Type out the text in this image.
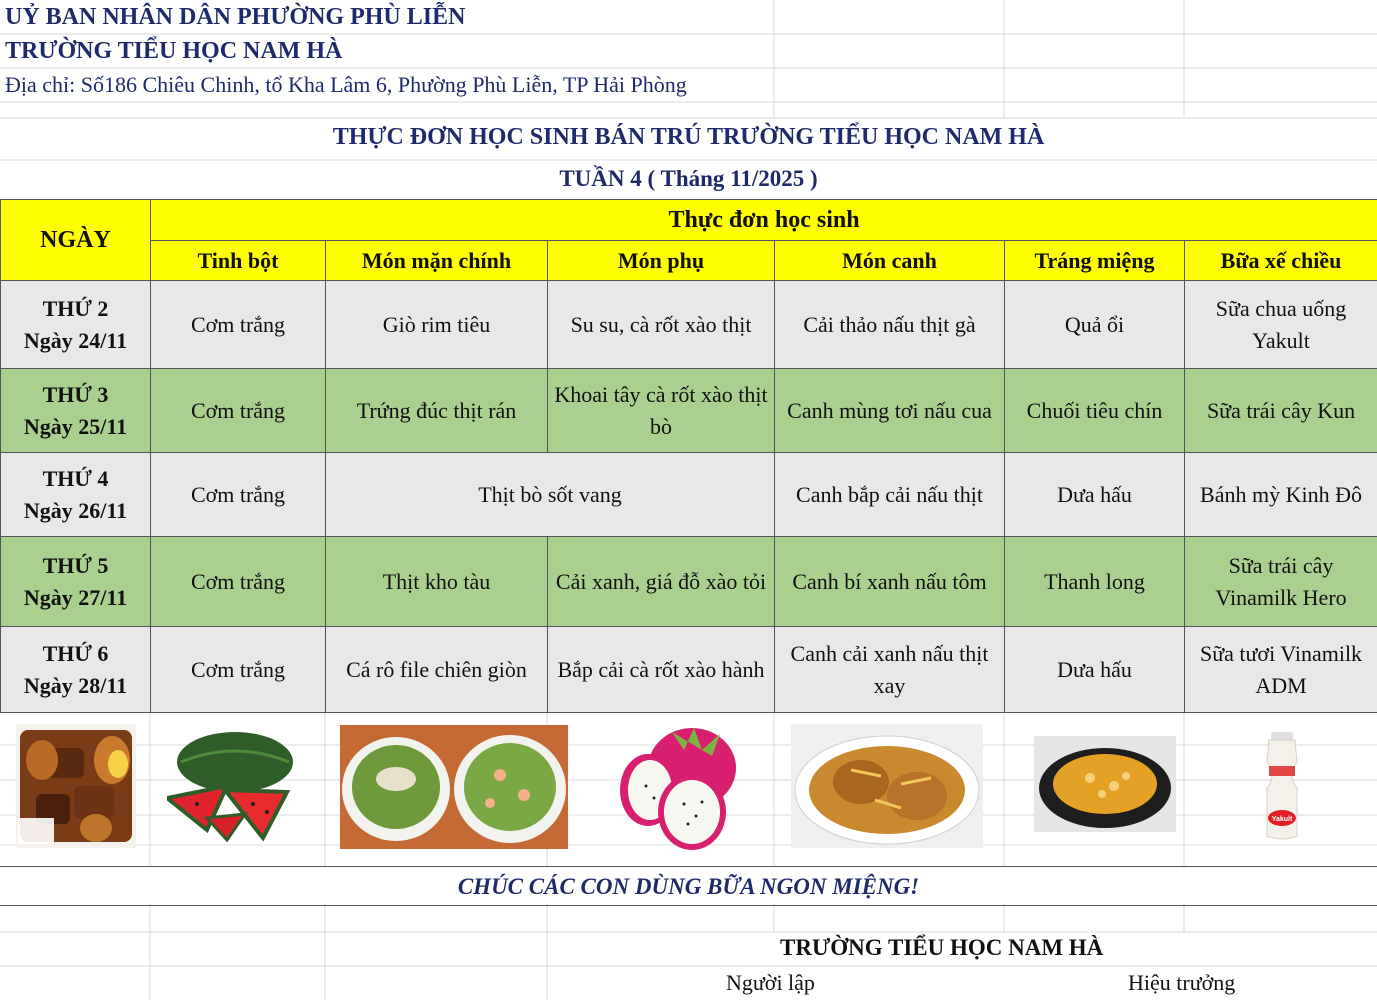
UỶ BAN NHÂN DÂN PHƯỜNG PHÙ LIỄN
TRƯỜNG TIỂU HỌC NAM HÀ
Địa chỉ: Số186 Chiêu Chinh, tổ Kha Lâm 6, Phường Phù Liễn, TP Hải Phòng
THỰC ĐƠN HỌC SINH BÁN TRÚ TRƯỜNG TIỂU HỌC NAM HÀ
TUẦN 4 ( Tháng 11/2025 )
NGÀY	Thực đơn học sinh					
	Tinh bột	Món mặn chính	Món phụ	Món canh	Tráng miệng	Bữa xế chiều

THỨ 2
Ngày 24/11	Cơm trắng	Giò rim tiêu	Su su, cà rốt xào thịt	Cải thảo nấu thịt gà	Quả ổi	Sữa chua uống Yakult

THỨ 3
Ngày 25/11	Cơm trắng	Trứng đúc thịt rán	Khoai tây cà rốt xào thịt bò	Canh mùng tơi nấu cua	Chuối tiêu chín	Sữa trái cây Kun

THỨ 4
Ngày 26/11	Cơm trắng	Thịt bò sốt vang		Canh bắp cải nấu thịt	Dưa hấu	Bánh mỳ Kinh Đô

THỨ 5
Ngày 27/11	Cơm trắng	Thịt kho tàu	Cải xanh, giá đỗ xào tỏi	Canh bí xanh nấu tôm	Thanh long	Sữa trái cây Vinamilk Hero

THỨ 6
Ngày 28/11	Cơm trắng	Cá rô file chiên giòn	Bắp cải cà rốt xào hành	Canh cải xanh nấu thịt xay	Dưa hấu	Sữa tươi Vinamilk ADM
Yakult
CHÚC CÁC CON DÙNG BỮA NGON MIỆNG!
TRƯỜNG TIỂU HỌC NAM HÀ
Người lập	Hiệu trưởng
